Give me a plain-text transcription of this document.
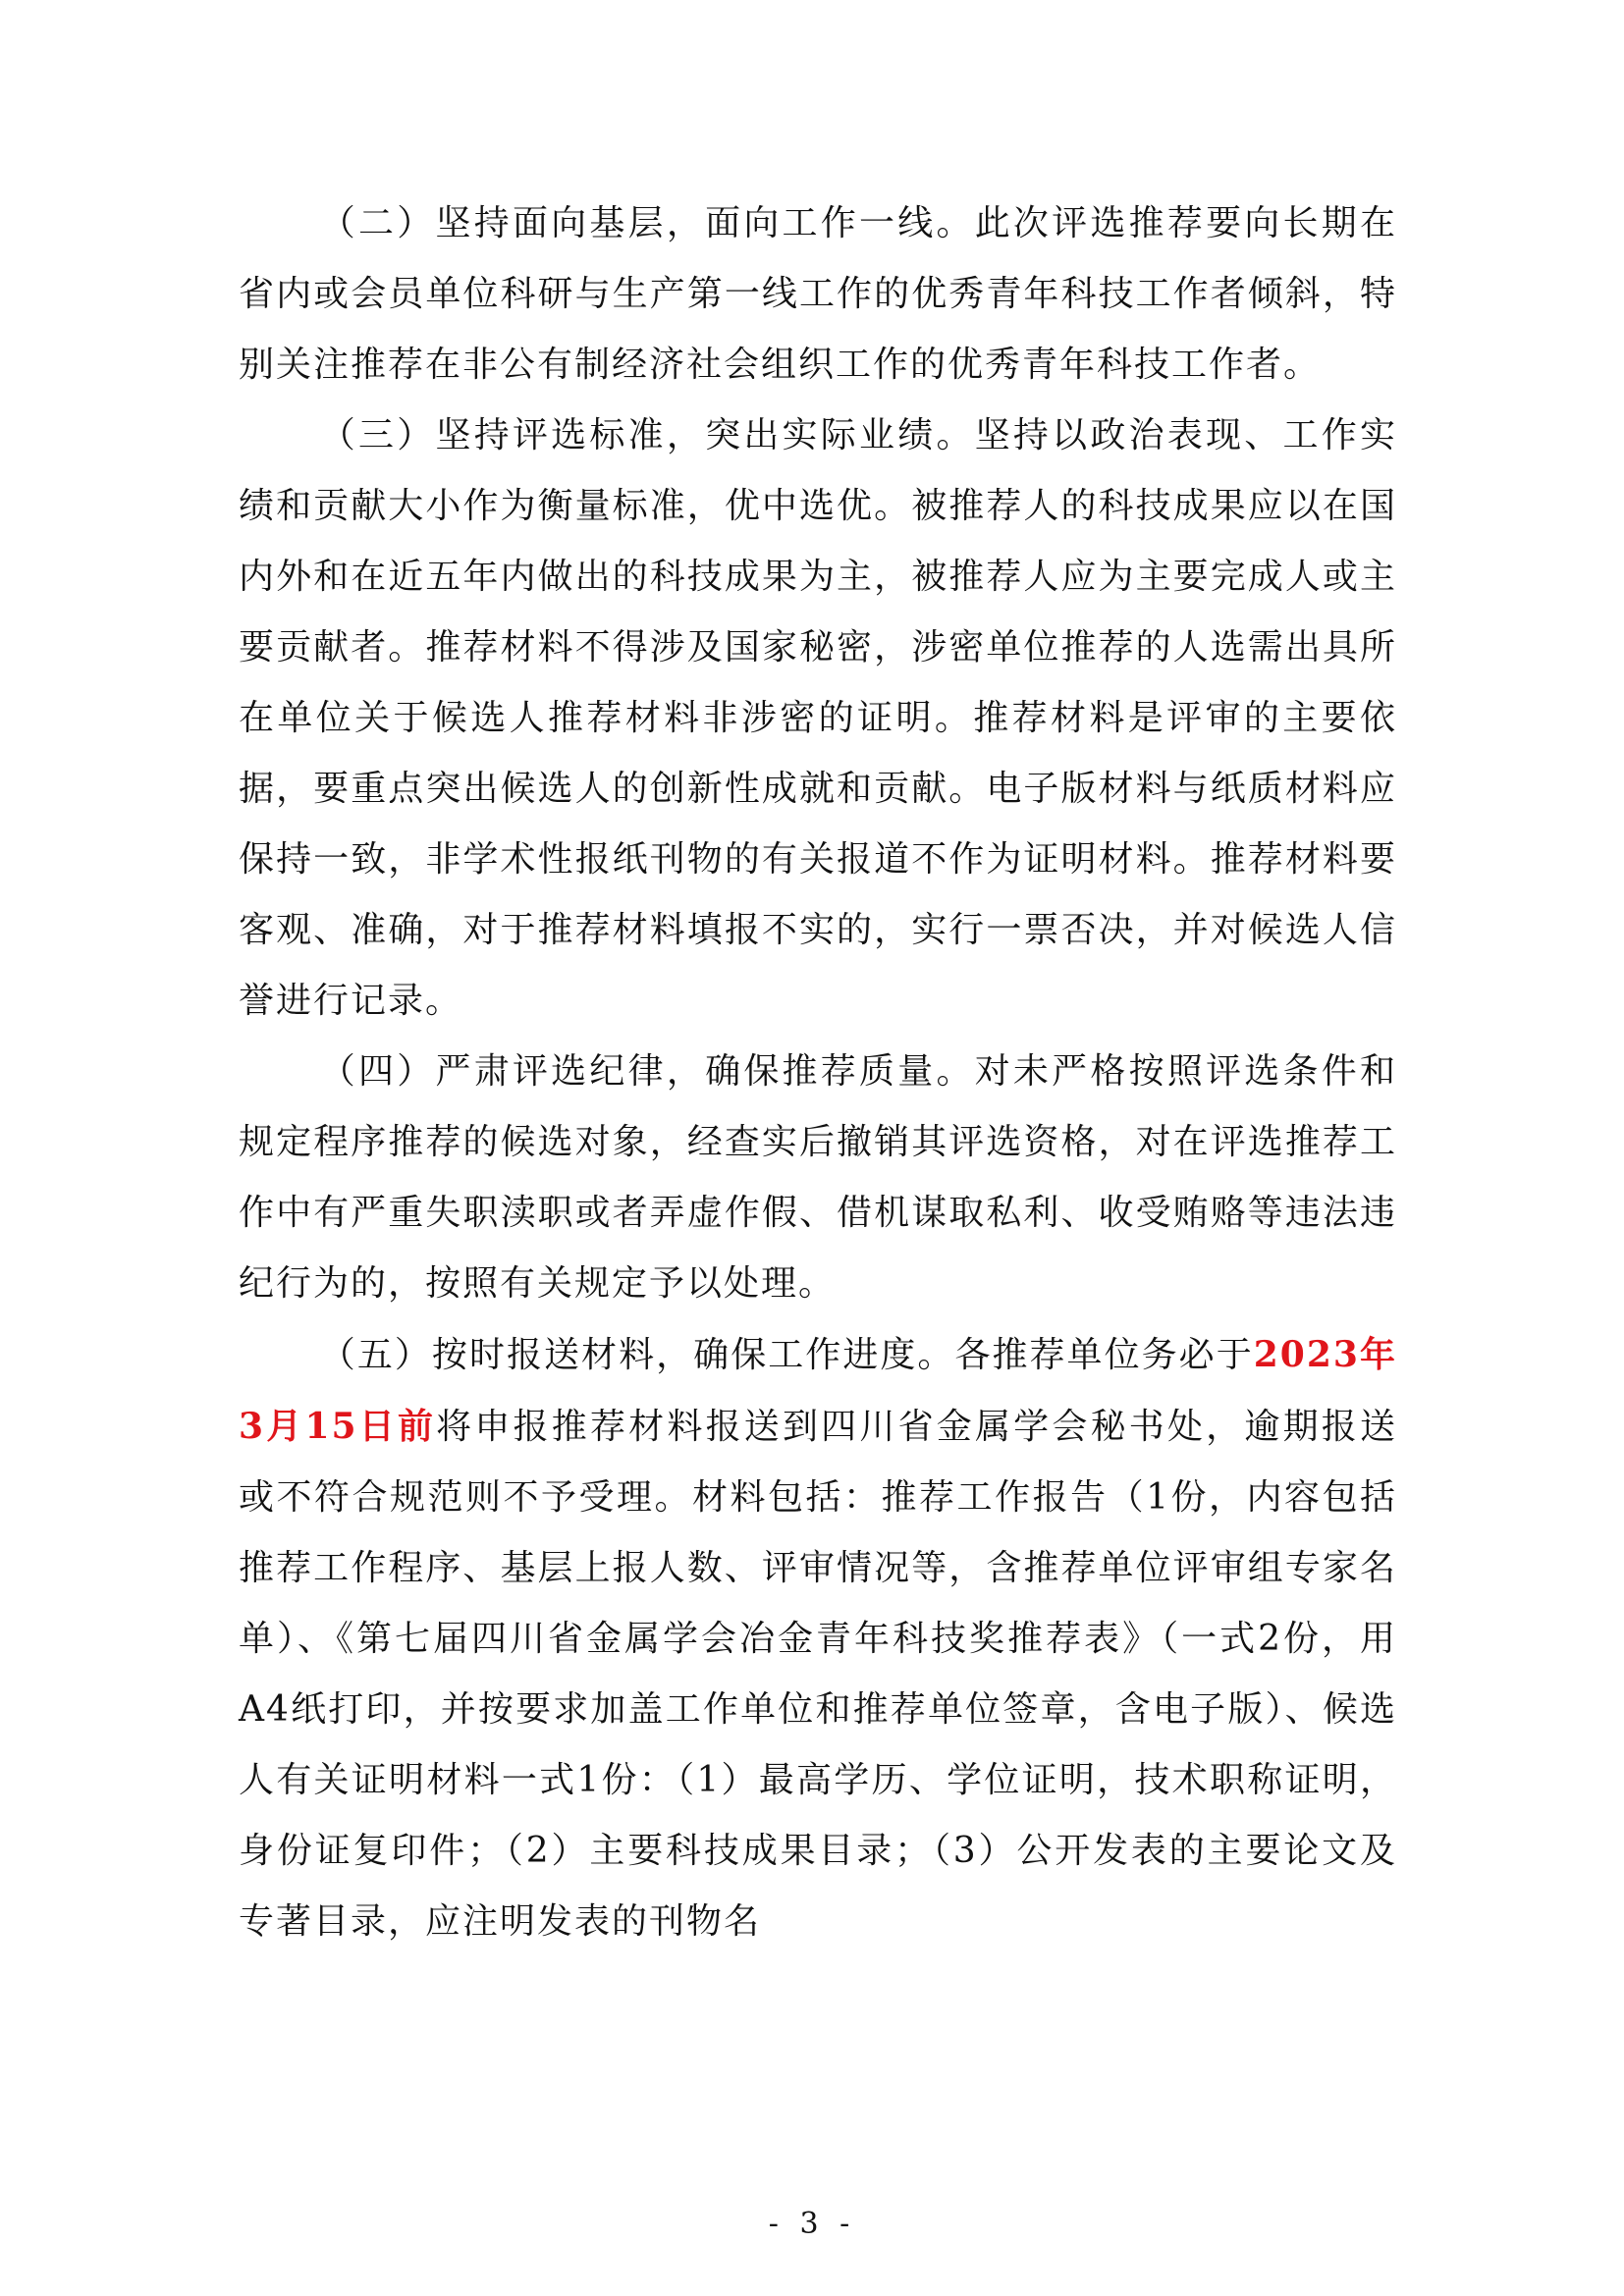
（二）坚持面向基层，面向工作一线。此次评选推荐要向长期在省内或会员单位科研与生产第一线工作的优秀青年科技工作者倾斜，特别关注推荐在非公有制经济社会组织工作的优秀青年科技工作者。

（三）坚持评选标准，突出实际业绩。坚持以政治表现、工作实绩和贡献大小作为衡量标准，优中选优。被推荐人的科技成果应以在国内外和在近五年内做出的科技成果为主，被推荐人应为主要完成人或主要贡献者。推荐材料不得涉及国家秘密，涉密单位推荐的人选需出具所在单位关于候选人推荐材料非涉密的证明。推荐材料是评审的主要依据，要重点突出候选人的创新性成就和贡献。电子版材料与纸质材料应保持一致，非学术性报纸刊物的有关报道不作为证明材料。推荐材料要客观、准确，对于推荐材料填报不实的，实行一票否决，并对候选人信誉进行记录。

（四）严肃评选纪律，确保推荐质量。对未严格按照评选条件和规定程序推荐的候选对象，经查实后撤销其评选资格，对在评选推荐工作中有严重失职渎职或者弄虚作假、借机谋取私利、收受贿赂等违法违纪行为的，按照有关规定予以处理。

（五）按时报送材料，确保工作进度。各推荐单位务必于2023年3月15日前将申报推荐材料报送到四川省金属学会秘书处，逾期报送或不符合规范则不予受理。材料包括：推荐工作报告（1份，内容包括推荐工作程序、基层上报人数、评审情况等，含推荐单位评审组专家名单）、《第七届四川省金属学会冶金青年科技奖推荐表》（一式2份，用A4纸打印，并按要求加盖工作单位和推荐单位签章，含电子版）、候选人有关证明材料一式1份：（1）最高学历、学位证明，技术职称证明，身份证复印件；（2）主要科技成果目录；（3）公开发表的主要论文及专著目录，应注明发表的刊物名

- 3 -
